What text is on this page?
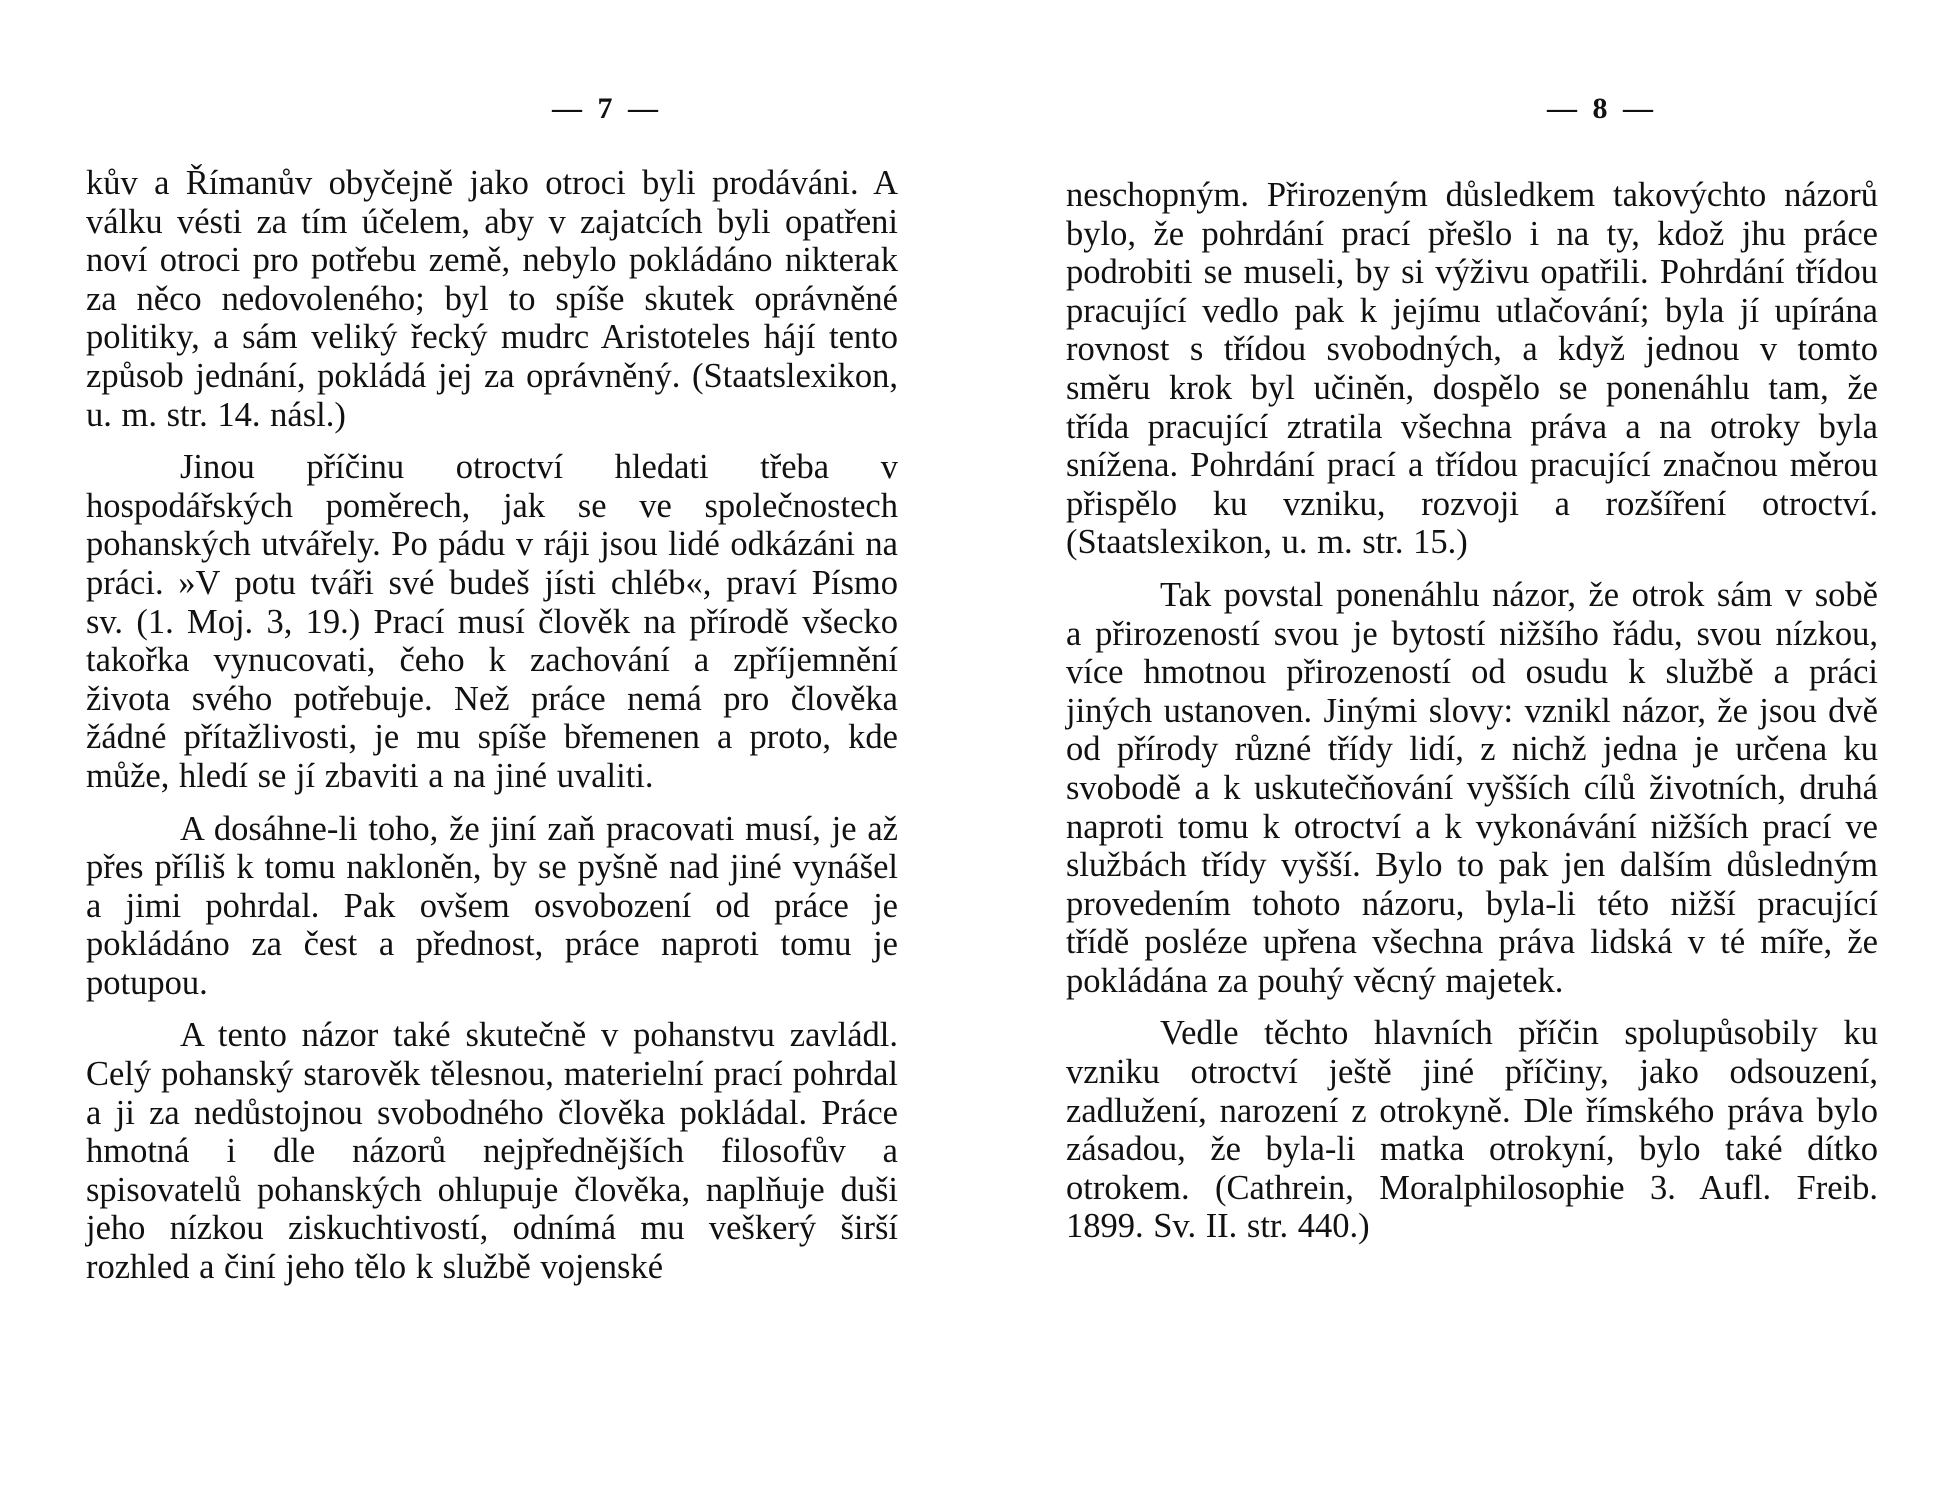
— 7 —

kův a Římanův obyčejně jako otroci byli prodáváni. A válku vésti za tím účelem, aby v zajatcích byli opatřeni noví otroci pro potřebu země, nebylo pokládáno nikterak za něco nedovoleného; byl to spíše skutek oprávněné politiky, a sám veliký řecký mudrc Aristoteles hájí tento způsob jednání, pokládá jej za oprávněný. (Staatslexikon, u. m. str. 14. násl.)

Jinou příčinu otroctví hledati třeba v hospodářských poměrech, jak se ve společnostech pohanských utvářely. Po pádu v ráji jsou lidé odkázáni na práci. »V potu tváři své budeš jísti chléb«, praví Písmo sv. (1. Moj. 3, 19.) Prací musí člověk na přírodě všecko takořka vynucovati, čeho k zachování a zpříjemnění života svého potřebuje. Než práce nemá pro člověka žádné přítažlivosti, je mu spíše břemenen a proto, kde může, hledí se jí zbaviti a na jiné uvaliti.

A dosáhne-li toho, že jiní zaň pracovati musí, je až přes příliš k tomu nakloněn, by se pyšně nad jiné vynášel a jimi pohrdal. Pak ovšem osvobození od práce je pokládáno za čest a přednost, práce naproti tomu je potupou.

A tento názor také skutečně v pohanstvu zavládl. Celý pohanský starověk tělesnou, materielní prací pohrdal a ji za nedůstojnou svobodného člověka pokládal. Práce hmotná i dle názorů nejpřednějších filosofův a spisovatelů pohanských ohlupuje člověka, naplňuje duši jeho nízkou ziskuchtivostí, odnímá mu veškerý širší rozhled a činí jeho tělo k službě vojenské

— 8 —

neschopným. Přirozeným důsledkem takovýchto názorů bylo, že pohrdání prací přešlo i na ty, kdož jhu práce podrobiti se museli, by si výživu opatřili. Pohrdání třídou pracující vedlo pak k jejímu utlačování; byla jí upírána rovnost s třídou svobodných, a když jednou v tomto směru krok byl učiněn, dospělo se ponenáhlu tam, že třída pracující ztratila všechna práva a na otroky byla snížena. Pohrdání prací a třídou pracující značnou měrou přispělo ku vzniku, rozvoji a rozšíření otroctví. (Staatslexikon, u. m. str. 15.)

Tak povstal ponenáhlu názor, že otrok sám v sobě a přirozeností svou je bytostí nižšího řádu, svou nízkou, více hmotnou přirozeností od osudu k službě a práci jiných ustanoven. Jinými slovy: vznikl názor, že jsou dvě od přírody různé třídy lidí, z nichž jedna je určena ku svobodě a k uskutečňování vyšších cílů životních, druhá naproti tomu k otroctví a k vykonávání nižších prací ve službách třídy vyšší. Bylo to pak jen dalším důsledným provedením tohoto názoru, byla-li této nižší pracující třídě posléze upřena všechna práva lidská v té míře, že pokládána za pouhý věcný majetek.

Vedle těchto hlavních příčin spolupůsobily ku vzniku otroctví ještě jiné příčiny, jako odsouzení, zadlužení, narození z otrokyně. Dle římského práva bylo zásadou, že byla-li matka otrokyní, bylo také dítko otrokem. (Cathrein, Moralphilosophie 3. Aufl. Freib. 1899. Sv. II. str. 440.)
